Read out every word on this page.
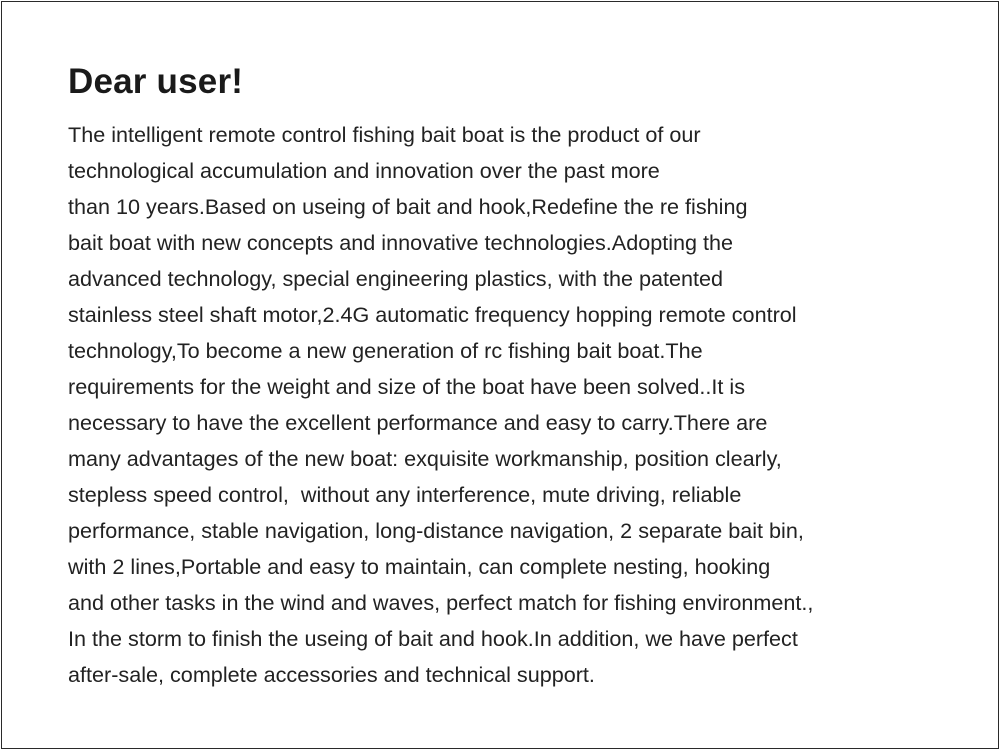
Dear user!
The intelligent remote control fishing bait boat is the product of our
technological accumulation and innovation over the past more
than 10 years.Based on useing of bait and hook,Redefine the re fishing
bait boat with new concepts and innovative technologies.Adopting the
advanced technology, special engineering plastics, with the patented
stainless steel shaft motor,2.4G automatic frequency hopping remote control
technology,To become a new generation of rc fishing bait boat.The
requirements for the weight and size of the boat have been solved..It is
necessary to have the excellent performance and easy to carry.There are
many advantages of the new boat: exquisite workmanship, position clearly,
stepless speed control,  without any interference, mute driving, reliable
performance, stable navigation, long-distance navigation, 2 separate bait bin,
with 2 lines,Portable and easy to maintain, can complete nesting, hooking
and other tasks in the wind and waves, perfect match for fishing environment.,
In the storm to finish the useing of bait and hook.In addition, we have perfect
after-sale, complete accessories and technical support.
